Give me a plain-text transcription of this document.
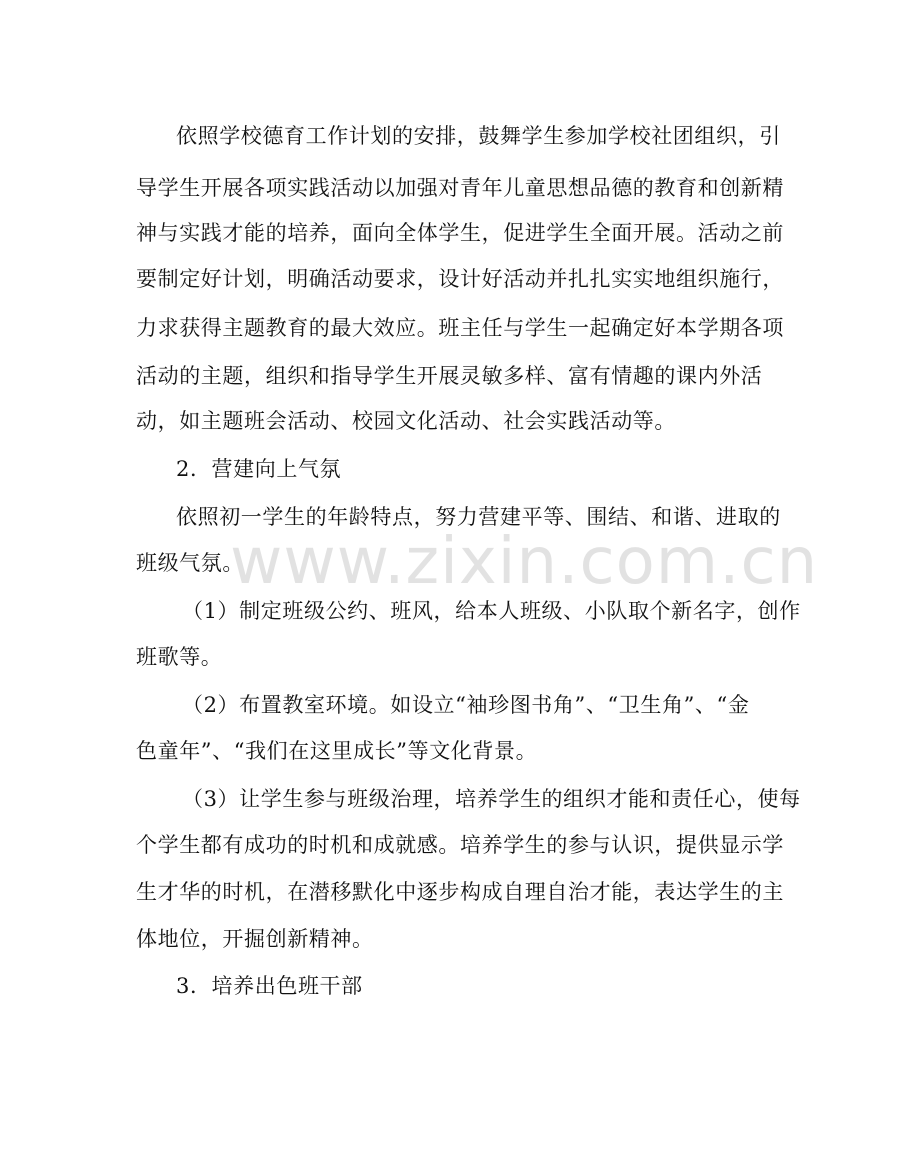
依照学校德育工作计划的安排，鼓舞学生参加学校社团组织，引
导学生开展各项实践活动以加强对青年儿童思想品德的教育和创新精
神与实践才能的培养，面向全体学生，促进学生全面开展。活动之前
要制定好计划，明确活动要求，设计好活动并扎扎实实地组织施行，
力求获得主题教育的最大效应。班主任与学生一起确定好本学期各项
活动的主题，组织和指导学生开展灵敏多样、富有情趣的课内外活
动，如主题班会活动、校园文化活动、社会实践活动等。
2．营建向上气氛
依照初一学生的年龄特点，努力营建平等、围结、和谐、进取的
班级气氛。
（1）制定班级公约、班风，给本人班级、小队取个新名字，创作
班歌等。
（2）布置教室环境。如设立“袖珍图书角”、“卫生角”、“金
色童年”、“我们在这里成长”等文化背景。
（3）让学生参与班级治理，培养学生的组织才能和责任心，使每
个学生都有成功的时机和成就感。培养学生的参与认识，提供显示学
生才华的时机，在潜移默化中逐步构成自理自治才能，表达学生的主
体地位，开掘创新精神。
3．培养出色班干部
www.zixin.com.cn
